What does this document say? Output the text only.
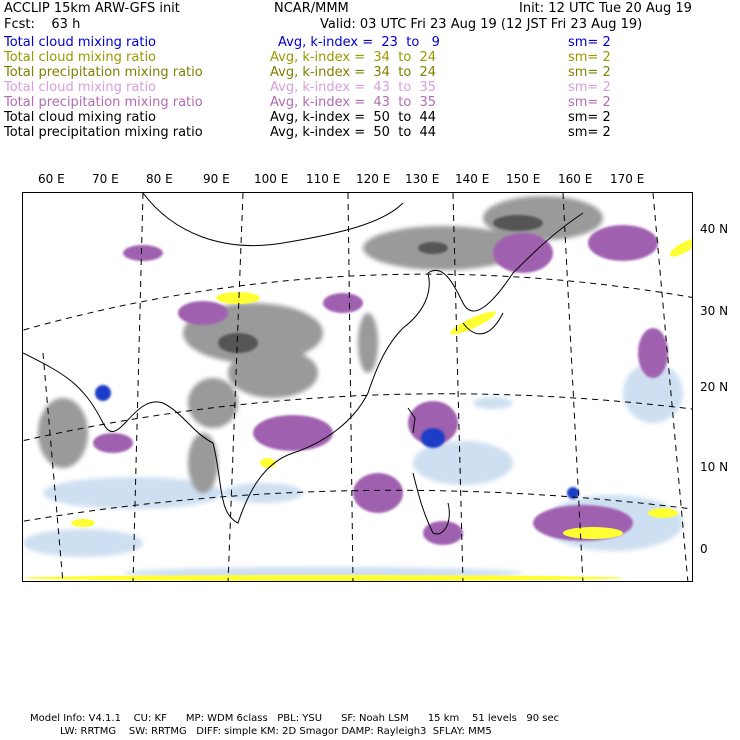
ACCLIP 15km ARW-GFS init	NCAR/MMM	Init: 12 UTC Tue 20 Aug 19
Fcst:    63 h	Valid: 03 UTC Fri 23 Aug 19 (12 JST Fri 23 Aug 19)
Total cloud mixing ratio	Avg, k-index =  23  to   9	sm= 2
Total cloud mixing ratio	Avg, k-index =  34  to  24	sm= 2
Total precipitation mixing ratio	Avg, k-index =  34  to  24	sm= 2
Total cloud mixing ratio	Avg, k-index =  43  to  35	sm= 2
Total precipitation mixing ratio	Avg, k-index =  43  to  35	sm= 2
Total cloud mixing ratio	Avg, k-index =  50  to  44	sm= 2
Total precipitation mixing ratio	Avg, k-index =  50  to  44	sm= 2
60 E 70 E 80 E	90 E 100 E 110 E 120 E 130 E 140 E 150 E 160 E 170 E
40 N
30 N
20 N
10 N
0
Model Info: V4.1.1    CU: KF      MP: WDM 6class   PBL: YSU      SF: Noah LSM      15 km    51 levels   90 sec
LW: RRTMG    SW: RRTMG   DIFF: simple KM: 2D Smagor DAMP: Rayleigh3  SFLAY: MM5
